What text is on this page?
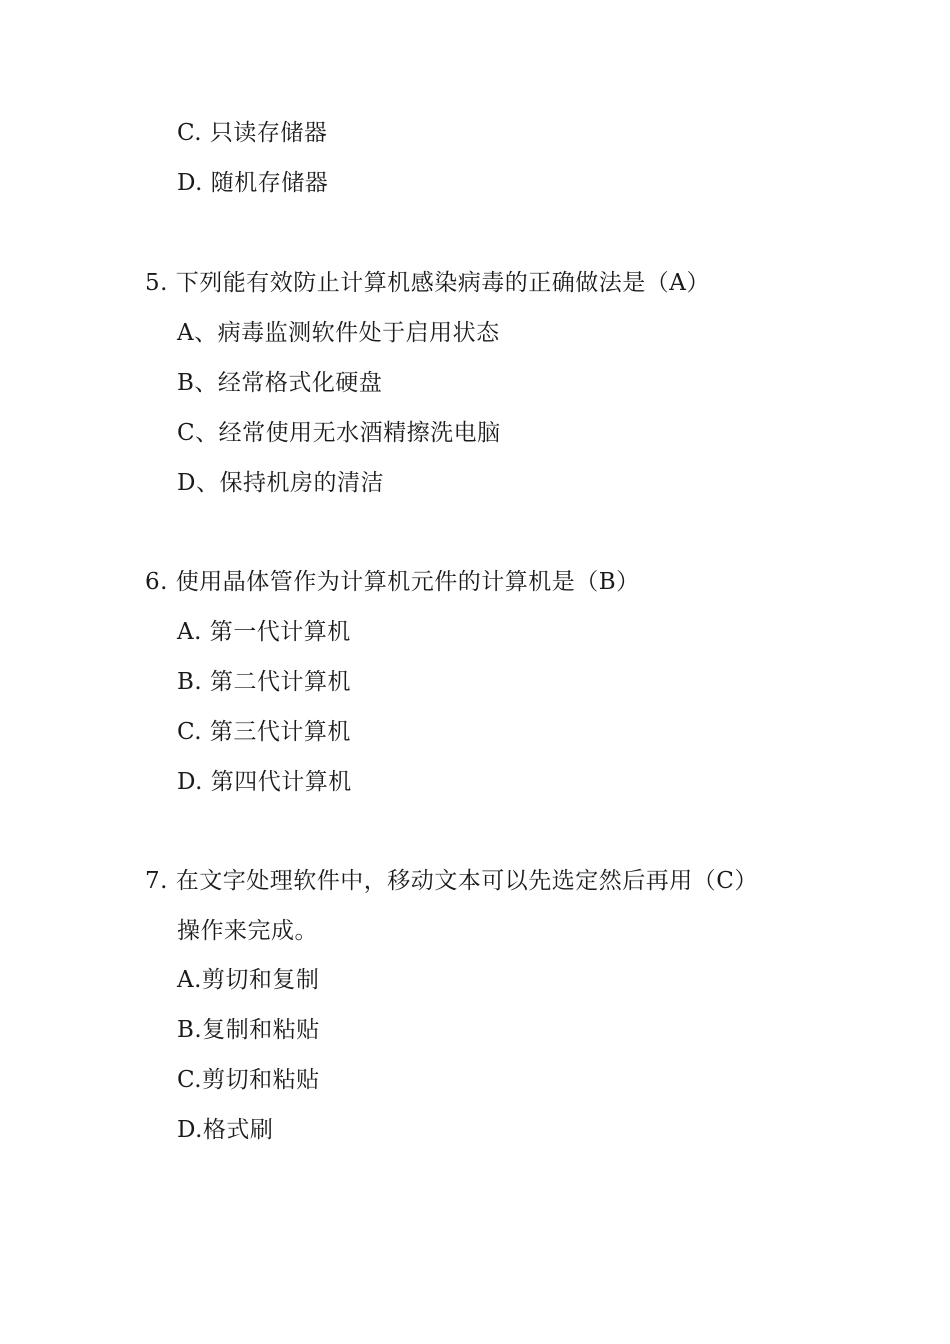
C. 只读存储器
D. 随机存储器
5. 下列能有效防止计算机感染病毒的正确做法是（A）
A、病毒监测软件处于启用状态
B、经常格式化硬盘
C、经常使用无水酒精擦洗电脑
D、保持机房的清洁
6. 使用晶体管作为计算机元件的计算机是（B）
A. 第一代计算机
B. 第二代计算机
C. 第三代计算机
D. 第四代计算机
7. 在文字处理软件中，移动文本可以先选定然后再用（C）
操作来完成。
A.剪切和复制
B.复制和粘贴
C.剪切和粘贴
D.格式刷
